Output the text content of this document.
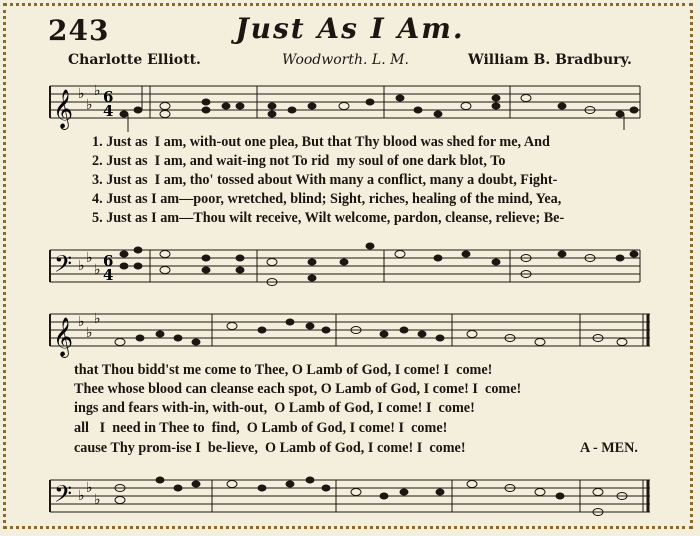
243	Just As I Am.
Charlotte Elliott.	Woodworth. L. M.	William B. Bradbury.
𝄞 ♭
♭
♭ 6
4
1. Just as  I am, with-out one plea, But that Thy blood was shed for me, And
2. Just as  I am, and wait-ing not To rid  my soul of one dark blot, To
3. Just as  I am, tho' tossed about With many a conflict, many a doubt, Fight-
4. Just as I am—poor, wretched, blind; Sight, riches, healing of the mind, Yea,
5. Just as I am—Thou wilt receive, Wilt welcome, pardon, cleanse, relieve; Be-
𝄢 ♭ ♭
♭ 6
4
𝄞 ♭
♭
♭
that Thou bidd'st me come to Thee, O Lamb of God, I come! I  come!
Thee whose blood can cleanse each spot, O Lamb of God, I come! I  come!
ings and fears with-in, with-out,  O Lamb of God, I come! I  come!
all   I  need in Thee to  find,  O Lamb of God, I come! I  come!
cause Thy prom-ise I  be-lieve,  O Lamb of God, I come! I  come!	A - MEN.
𝄢 ♭ ♭
♭
